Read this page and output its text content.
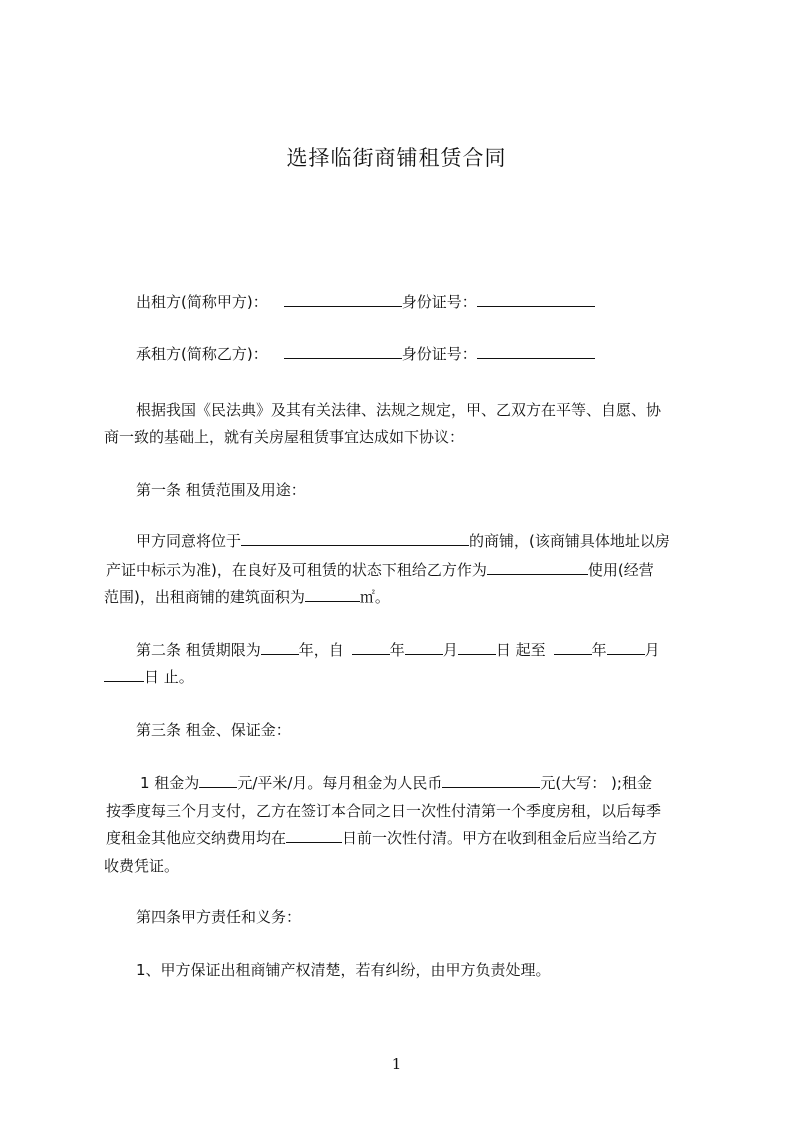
选择临街商铺租赁合同

出租方(简称甲方)：	身份证号：

承租方(简称乙方)：	身份证号：

根据我国《民法典》及其有关法律、法规之规定，甲、乙双方在平等、自愿、协

商一致的基础上，就有关房屋租赁事宜达成如下协议：

第一条 租赁范围及用途：

甲方同意将位于	的商铺，(该商铺具体地址以房

产证中标示为准)，在良好及可租赁的状态下租给乙方作为	使用(经营

范围)，出租商铺的建筑面积为	㎡。

第二条 租赁期限为	年，自	年	月	日 起至	年	月

日 止。

第三条 租金、保证金：

1 租金为	元/平米/月。每月租金为人民币	元(大写： );租金

按季度每三个月支付，乙方在签订本合同之日一次性付清第一个季度房租，以后每季

度租金其他应交纳费用均在	日前一次性付清。甲方在收到租金后应当给乙方

收费凭证。

第四条甲方责任和义务：

1、甲方保证出租商铺产权清楚，若有纠纷，由甲方负责处理。

1
